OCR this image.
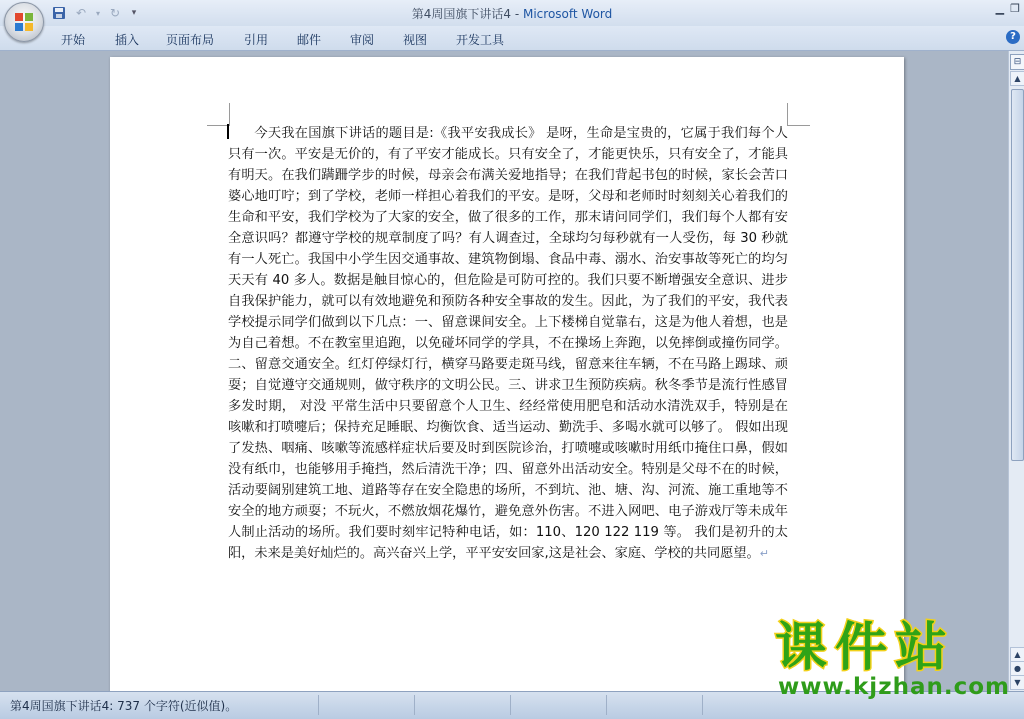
↶	▾ ↻	▾	第4周国旗下讲话4 - Microsoft Word	▁ ❐
开始 插入 页面布局 引用 邮件 审阅 视图 开发工具	?
今天我在国旗下讲话的题目是:《我平安我成长》 是呀，生命是宝贵的，它属于我们每个人只有一次。平安是无价的，有了平安才能成长。只有安全了，才能更快乐，只有安全了，才能具有明天。在我们蹒跚学步的时候，母亲会布满关爱地指导；在我们背起书包的时候，家长会苦口婆心地叮咛；到了学校，老师一样担心着我们的平安。是呀，父母和老师时时刻刻关心着我们的生命和平安，我们学校为了大家的安全，做了很多的工作，那末请问同学们，我们每个人都有安全意识吗？都遵守学校的规章制度了吗？有人调查过，全球均匀每秒就有一人受伤，每 30 秒就有一人死亡。我国中小学生因交通事故、建筑物倒塌、食品中毒、溺水、治安事故等死亡的均匀天天有 40 多人。数据是触目惊心的，但危险是可防可控的。我们只要不断增强安全意识、进步自我保护能力，就可以有效地避免和预防各种安全事故的发生。因此，为了我们的平安，我代表学校提示同学们做到以下几点：一、留意课间安全。上下楼梯自觉靠右，这是为他人着想，也是为自己着想。不在教室里追跑，以免碰坏同学的学具，不在操场上奔跑，以免摔倒或撞伤同学。二、留意交通安全。红灯停绿灯行，横穿马路要走斑马线，留意来往车辆，不在马路上踢球、顽耍；自觉遵守交通规则，做守秩序的文明公民。三、讲求卫生预防疾病。秋冬季节是流行性感冒多发时期， 对没 平常生活中只要留意个人卫生、经经常使用肥皂和活动水清洗双手，特别是在咳嗽和打喷嚏后；保持充足睡眠、均衡饮食、适当运动、勤洗手、多喝水就可以够了。 假如出现了发热、咽痛、咳嗽等流感样症状后要及时到医院诊治，打喷嚏或咳嗽时用纸巾掩住口鼻，假如没有纸巾，也能够用手掩挡，然后清洗干净；四、留意外出活动安全。特别是父母不在的时候，活动要阔别建筑工地、道路等存在安全隐患的场所，不到坑、池、塘、沟、河流、施工重地等不安全的地方顽耍；不玩火，不燃放烟花爆竹，避免意外伤害。不进入网吧、电子游戏厅等未成年人制止活动的场所。我们要时刻牢记特种电话，如：110、120 122 119 等。 我们是初升的太阳，未来是美好灿烂的。高兴奋兴上学，平平安安回家,这是社会、家庭、学校的共同愿望。↵
⊟
▲
▲
●
▼
第4周国旗下讲话4: 737 个字符(近似值)。
课件站
www.kjzhan.com
